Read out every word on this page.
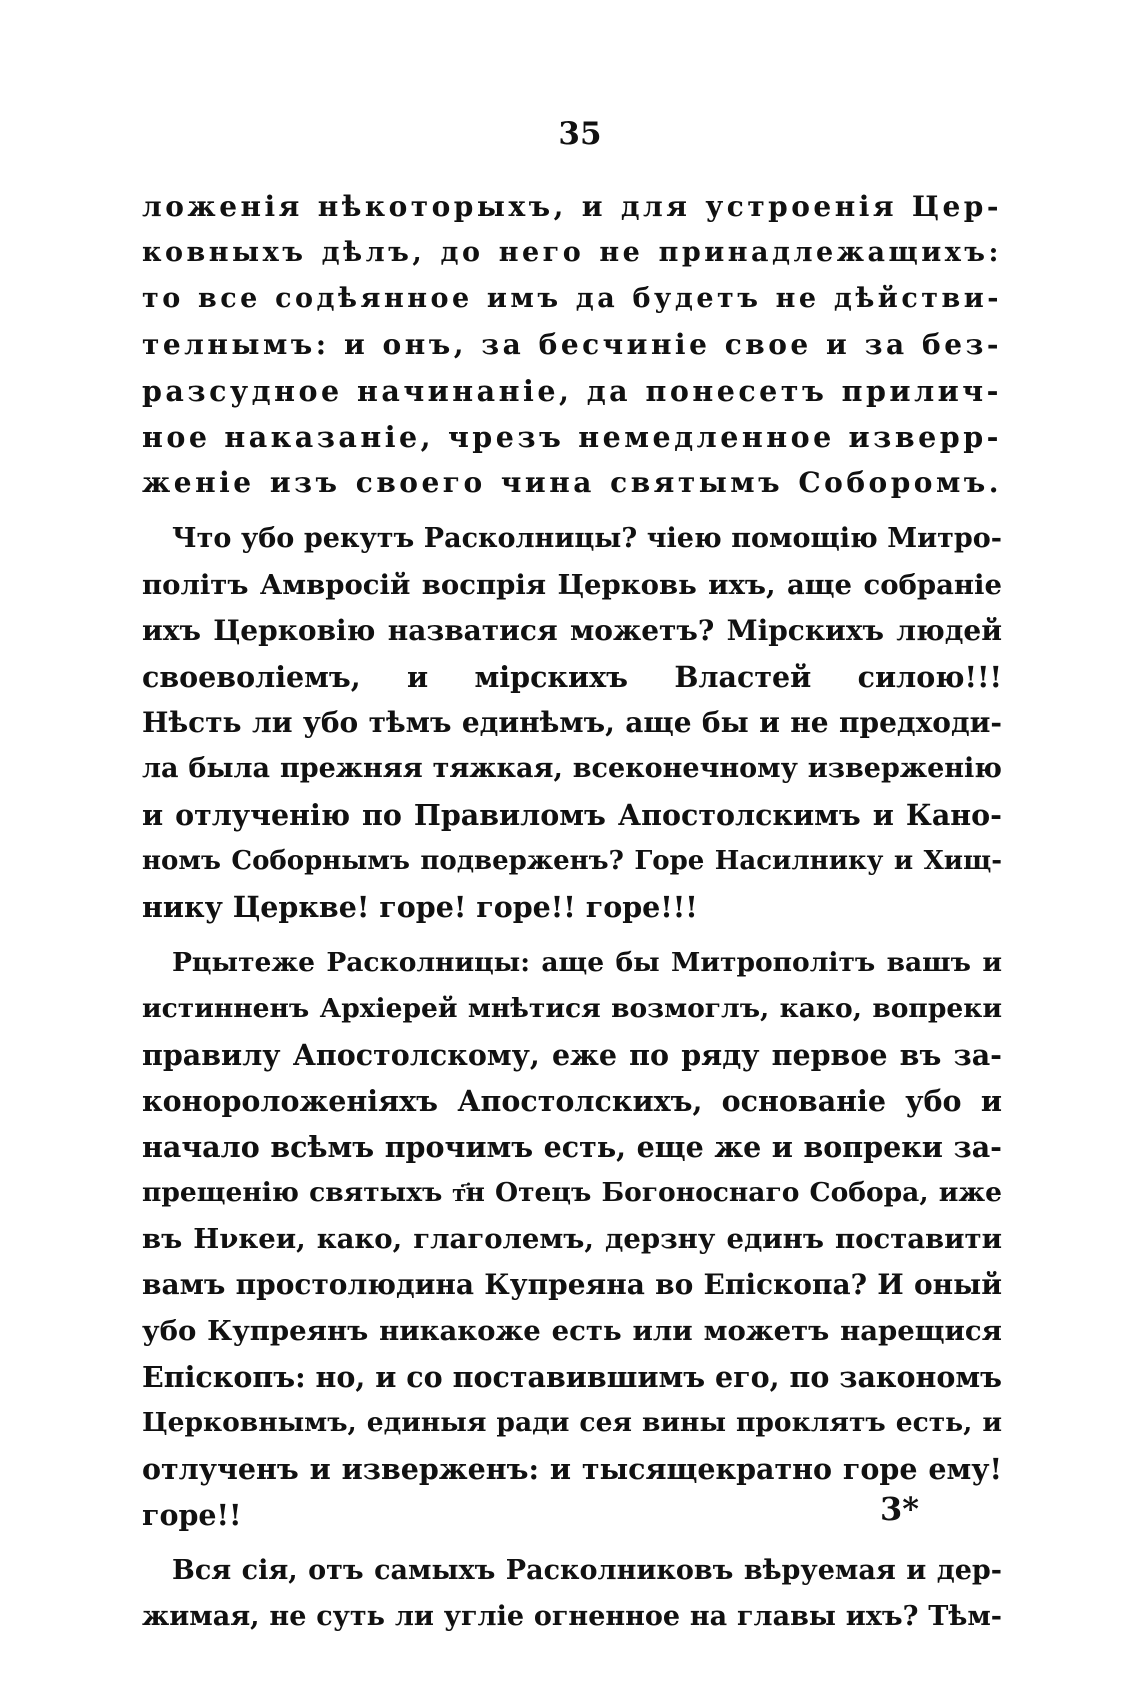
35
ложенія нѣкоторыхъ, и для устроенія Цер-
ковныхъ дѣлъ, до него не принадлежащихъ:
то все содѣянное имъ да будетъ не дѣйстви-
телнымъ: и онъ, за бесчиніе свое и за без-
разсудное начинаніе, да понесетъ прилич-
ное наказаніе, чрезъ немедленное изверр-
женіе изъ своего чина святымъ Соборомъ.
Что убо рекутъ Расколницы? чіею помощію Митро-
політъ Амвросій воспрія Церковь ихъ, аще собраніе
ихъ Церковію назватися можетъ? Мірскихъ людей
своеволіемъ, и мірскихъ Властей силою!!!
Нѣсть ли убо тѣмъ единѣмъ, аще бы и не предходи-
ла была прежняя тяжкая, всеконечному изверженію
и отлученію по Правиломъ Апостолскимъ и Кано-
номъ Соборнымъ подверженъ? Горе Насилнику и Хищ-
нику Церкве! горе! горе!! горе!!!
Рцытеже Расколницы: аще бы Митрополітъ вашъ и
истинненъ Архіерей мнѣтися возмоглъ, како, вопреки
правилу Апостолскому, еже по ряду первое въ за-
конopоложеніяхъ Апостолскихъ, основаніе убо и
начало всѣмъ прочимъ есть, еще же и вопреки за-
прещенію святыхъ т҃н Отецъ Богоноснаго Собора, иже
въ Нνкеи, како, глаголемъ, дерзну единъ поставити
вамъ простолюдина Купреяна во Епіскопа? И оный
убо Купреянъ никакоже есть или можетъ нарещися
Епіскопъ: но, и со поставившимъ его, по закономъ
Церковнымъ, единыя ради сея вины проклятъ есть, и
отлученъ и изверженъ: и тысящекратно горе ему!
горе!!
Вся сія, отъ самыхъ Расколниковъ вѣруемая и дер-
жимая, не суть ли угліе огненное на главы ихъ? Тѣм-
3*
